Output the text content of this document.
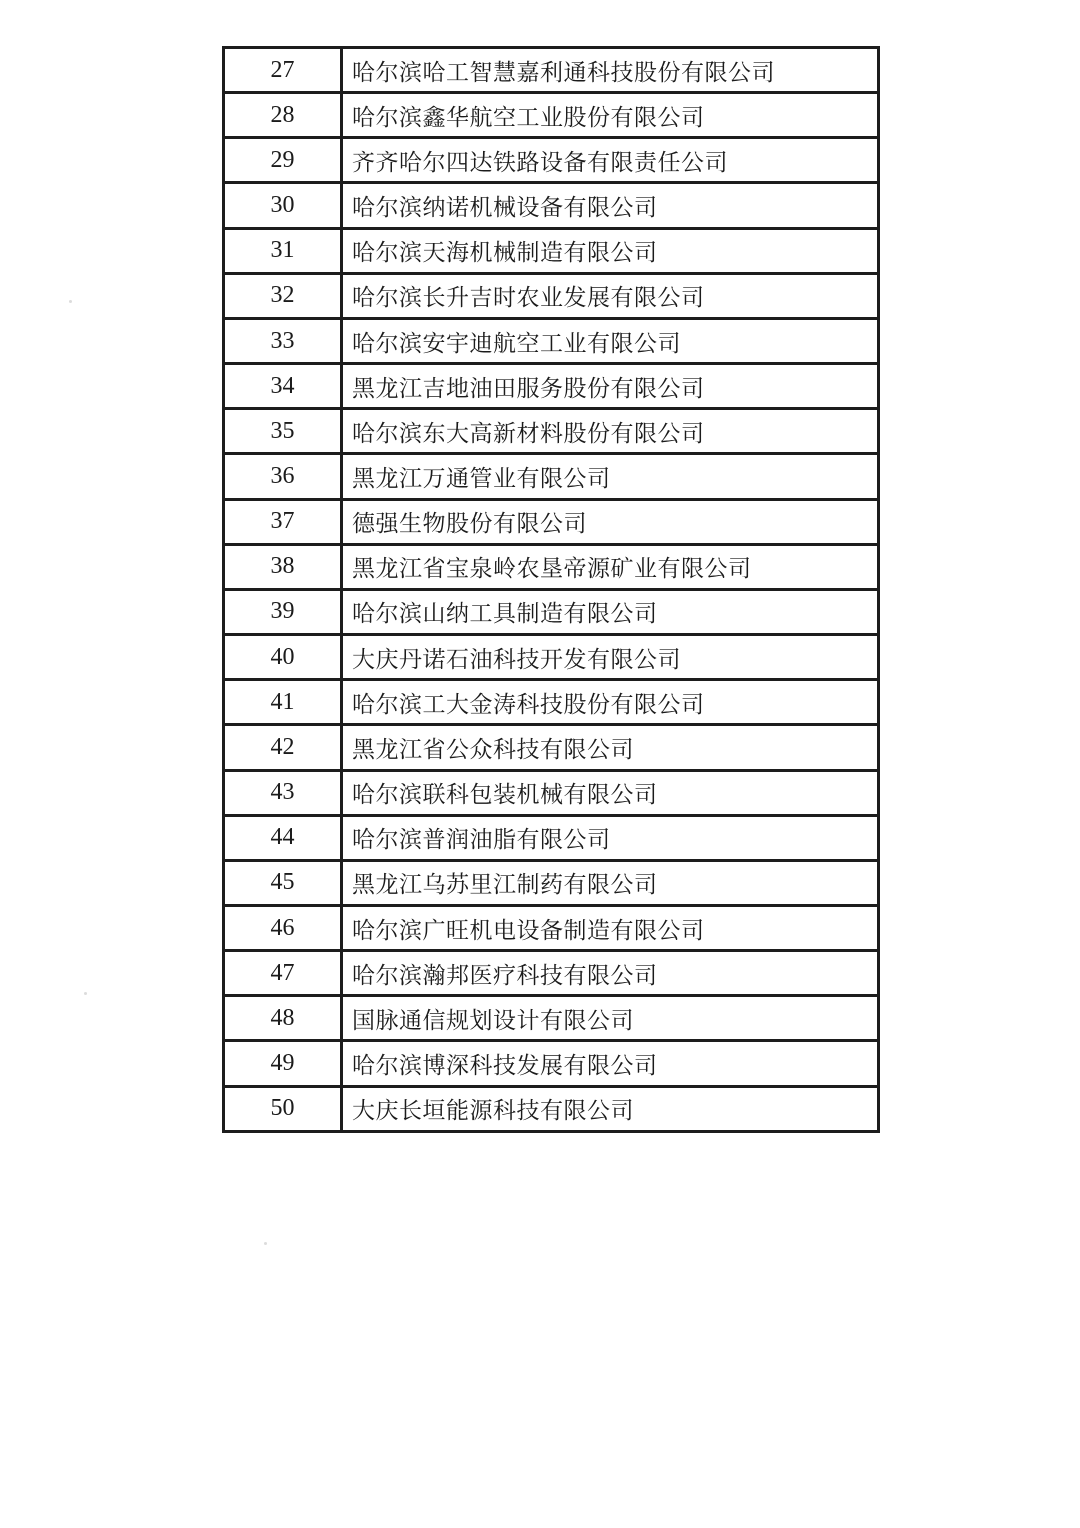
27	哈尔滨哈工智慧嘉利通科技股份有限公司
28	哈尔滨鑫华航空工业股份有限公司
29	齐齐哈尔四达铁路设备有限责任公司
30	哈尔滨纳诺机械设备有限公司
31	哈尔滨天海机械制造有限公司
32	哈尔滨长升吉时农业发展有限公司
33	哈尔滨安宇迪航空工业有限公司
34	黑龙江吉地油田服务股份有限公司
35	哈尔滨东大高新材料股份有限公司
36	黑龙江万通管业有限公司
37	德强生物股份有限公司
38	黑龙江省宝泉岭农垦帝源矿业有限公司
39	哈尔滨山纳工具制造有限公司
40	大庆丹诺石油科技开发有限公司
41	哈尔滨工大金涛科技股份有限公司
42	黑龙江省公众科技有限公司
43	哈尔滨联科包装机械有限公司
44	哈尔滨普润油脂有限公司
45	黑龙江乌苏里江制药有限公司
46	哈尔滨广旺机电设备制造有限公司
47	哈尔滨瀚邦医疗科技有限公司
48	国脉通信规划设计有限公司
49	哈尔滨博深科技发展有限公司
50	大庆长垣能源科技有限公司
